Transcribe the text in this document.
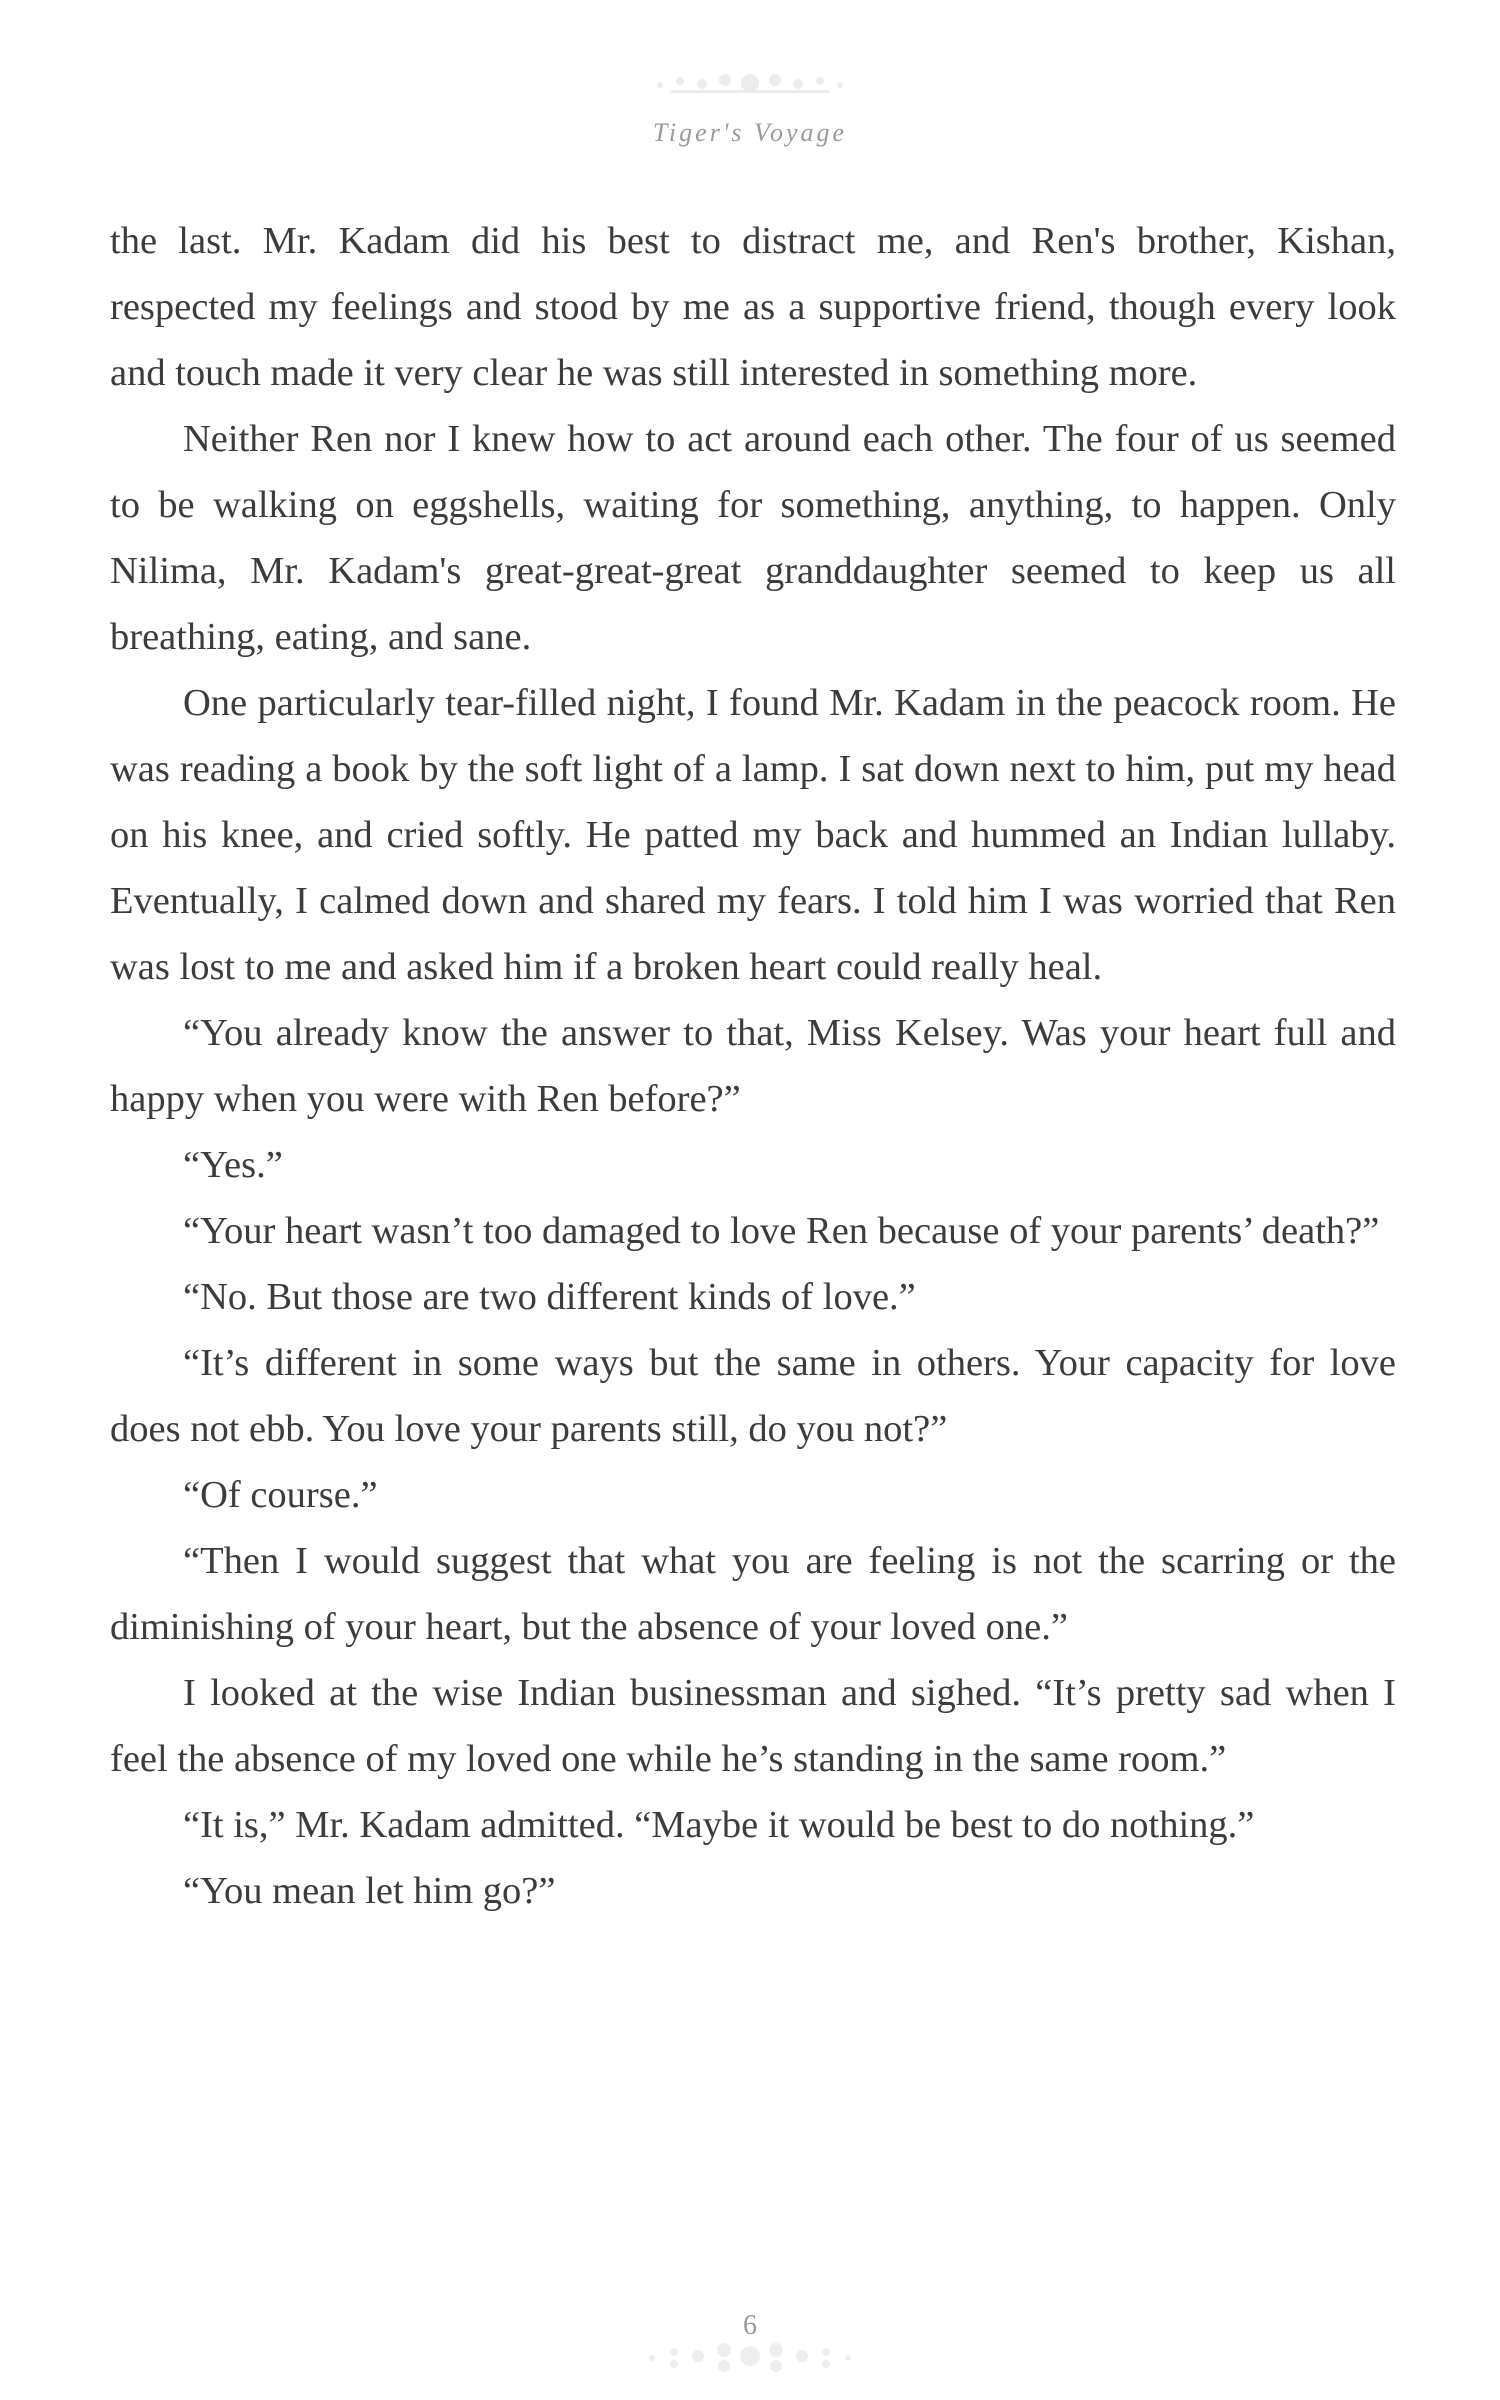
Tiger's Voyage

the last. Mr. Kadam did his best to distract me, and Ren's brother, Kishan, respected my feelings and stood by me as a supportive friend, though every look and touch made it very clear he was still interested in something more.

Neither Ren nor I knew how to act around each other. The four of us seemed to be walking on eggshells, waiting for something, anything, to happen. Only Nilima, Mr. Kadam's great-great-great granddaughter seemed to keep us all breathing, eating, and sane.

One particularly tear-filled night, I found Mr. Kadam in the peacock room. He was reading a book by the soft light of a lamp. I sat down next to him, put my head on his knee, and cried softly. He patted my back and hummed an Indian lullaby. Eventually, I calmed down and shared my fears. I told him I was worried that Ren was lost to me and asked him if a broken heart could really heal.

“You already know the answer to that, Miss Kelsey. Was your heart full and happy when you were with Ren before?”

“Yes.”

“Your heart wasn’t too damaged to love Ren because of your parents’ death?”

“No. But those are two different kinds of love.”

“It’s different in some ways but the same in others. Your capacity for love does not ebb. You love your parents still, do you not?”

“Of course.”

“Then I would suggest that what you are feeling is not the scarring or the diminishing of your heart, but the absence of your loved one.”

I looked at the wise Indian businessman and sighed. “It’s pretty sad when I feel the absence of my loved one while he’s standing in the same room.”

“It is,” Mr. Kadam admitted. “Maybe it would be best to do nothing.”

“You mean let him go?”

6
